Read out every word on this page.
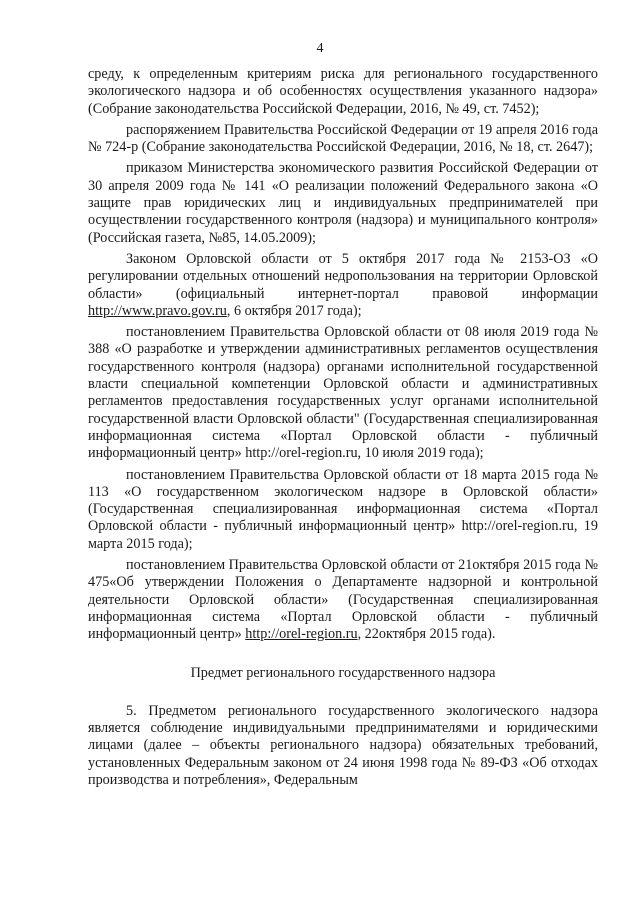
4

среду, к определенным критериям риска для регионального государственного экологического надзора и об особенностях осуществления указанного надзора» (Собрание законодательства Российской Федерации, 2016, № 49, ст. 7452);

распоряжением Правительства Российской Федерации от 19 апреля 2016 года № 724-р (Собрание законодательства Российской Федерации, 2016, № 18, ст. 2647);

приказом Министерства экономического развития Российской Федерации от 30 апреля 2009 года № 141 «О реализации положений Федерального закона «О защите прав юридических лиц и индивидуальных предпринимателей при осуществлении государственного контроля (надзора) и муниципального контроля» (Российская газета, №85, 14.05.2009);

Законом Орловской области от 5 октября 2017 года № 2153-ОЗ «О регулировании отдельных отношений недропользования на территории Орловской области» (официальный интернет-портал правовой информации http://www.pravo.gov.ru, 6 октября 2017 года);

постановлением Правительства Орловской области от 08 июля 2019 года № 388 «О разработке и утверждении административных регламентов осуществления государственного контроля (надзора) органами исполнительной государственной власти специальной компетенции Орловской области и административных регламентов предоставления государственных услуг органами исполнительной государственной власти Орловской области" (Государственная специализированная информационная система «Портал Орловской области - публичный информационный центр» http://orel-region.ru, 10 июля 2019 года);

постановлением Правительства Орловской области от 18 марта 2015 года № 113 «О государственном экологическом надзоре в Орловской области» (Государственная специализированная информационная система «Портал Орловской области - публичный информационный центр» http://orel-region.ru, 19 марта 2015 года);

постановлением Правительства Орловской области от 21октября 2015 года № 475«Об утверждении Положения о Департаменте надзорной и контрольной деятельности Орловской области» (Государственная специализированная информационная система «Портал Орловской области - публичный информационный центр» http://orel-region.ru, 22октября 2015 года).

Предмет регионального государственного надзора

5. Предметом регионального государственного экологического надзора является соблюдение индивидуальными предпринимателями и юридическими лицами (далее – объекты регионального надзора) обязательных требований, установленных Федеральным законом от 24 июня 1998 года № 89-ФЗ «Об отходах производства и потребления», Федеральным
